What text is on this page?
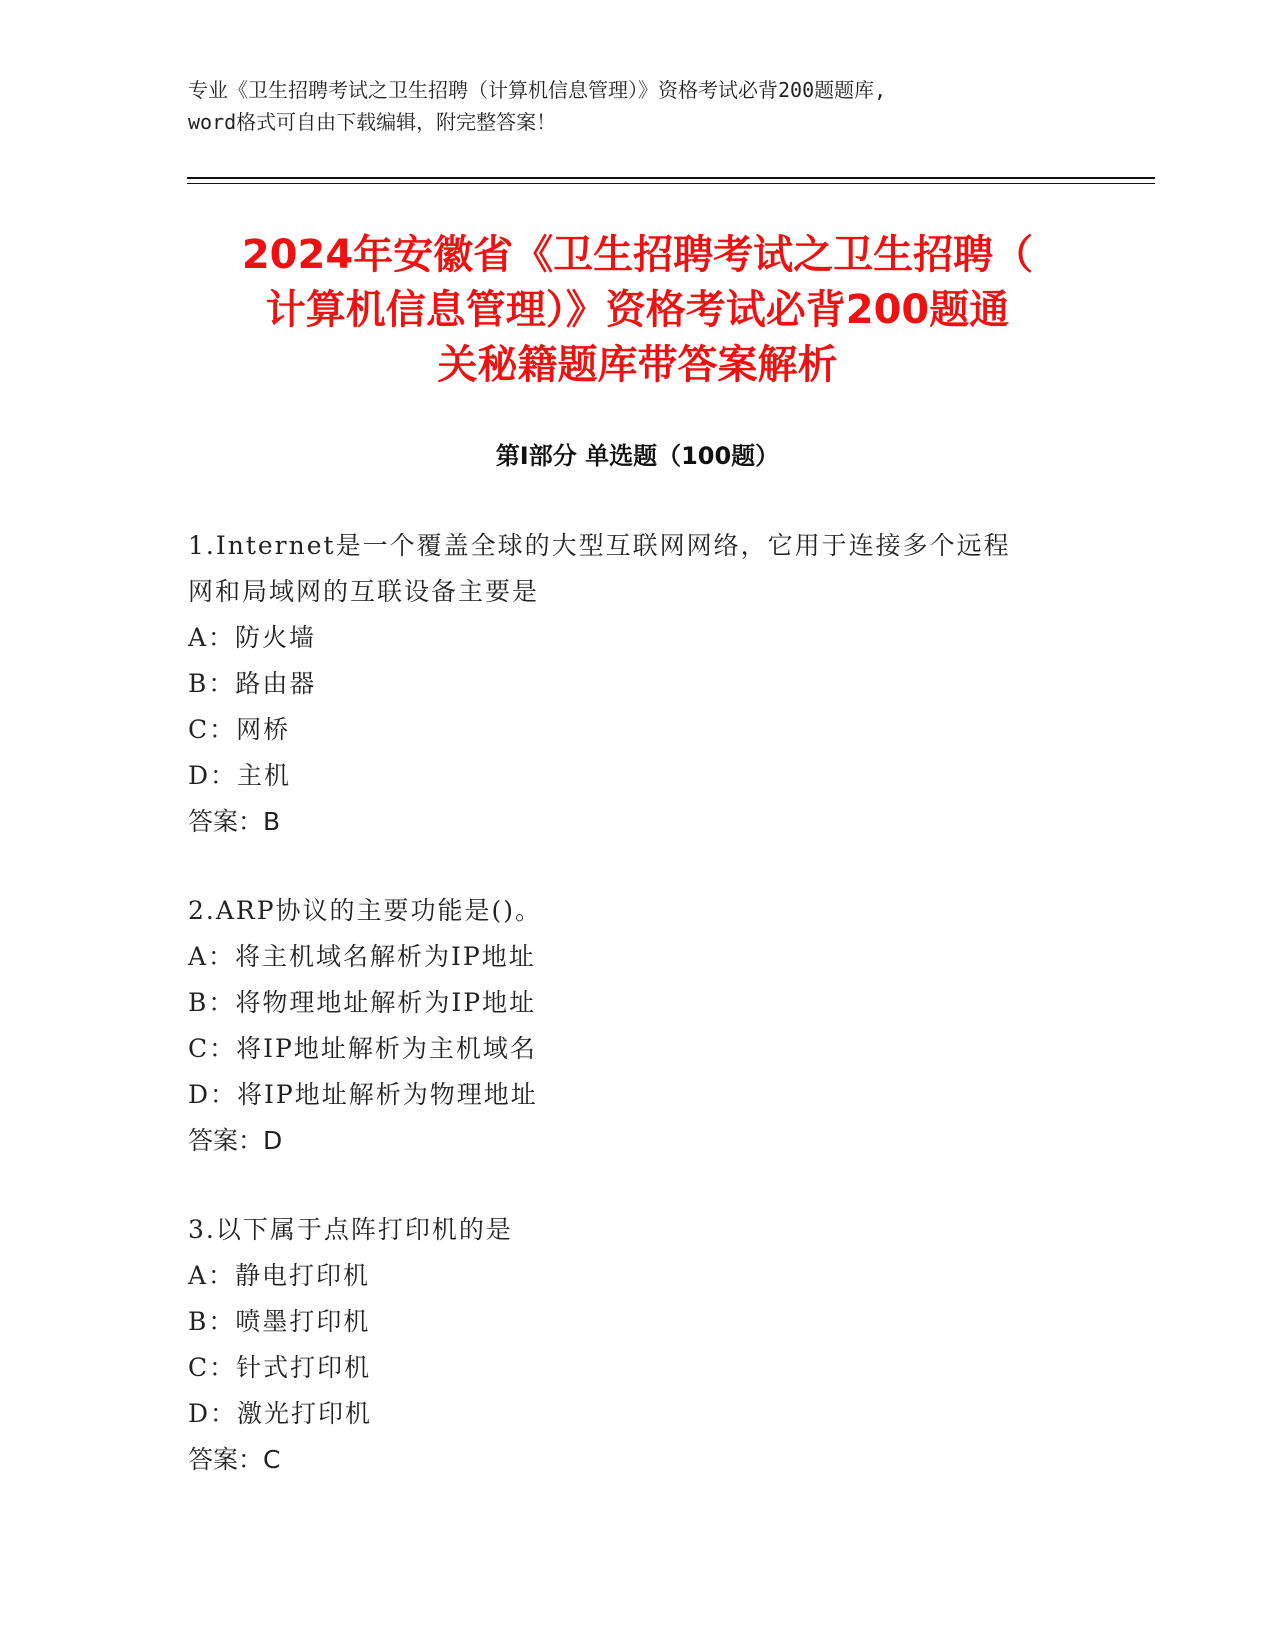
专业《卫生招聘考试之卫生招聘（计算机信息管理）》资格考试必背200题题库,
word格式可自由下载编辑，附完整答案！
2024年安徽省《卫生招聘考试之卫生招聘（
计算机信息管理）》资格考试必背200题通
关秘籍题库带答案解析
第Ⅰ部分 单选题（100题）
1.Internet是一个覆盖全球的大型互联网网络，它用于连接多个远程
网和局域网的互联设备主要是
A：防火墙
B：路由器
C：网桥
D：主机
答案：B
2.ARP协议的主要功能是()。
A：将主机域名解析为IP地址
B：将物理地址解析为IP地址
C：将IP地址解析为主机域名
D：将IP地址解析为物理地址
答案：D
3.以下属于点阵打印机的是
A：静电打印机
B：喷墨打印机
C：针式打印机
D：激光打印机
答案：C
